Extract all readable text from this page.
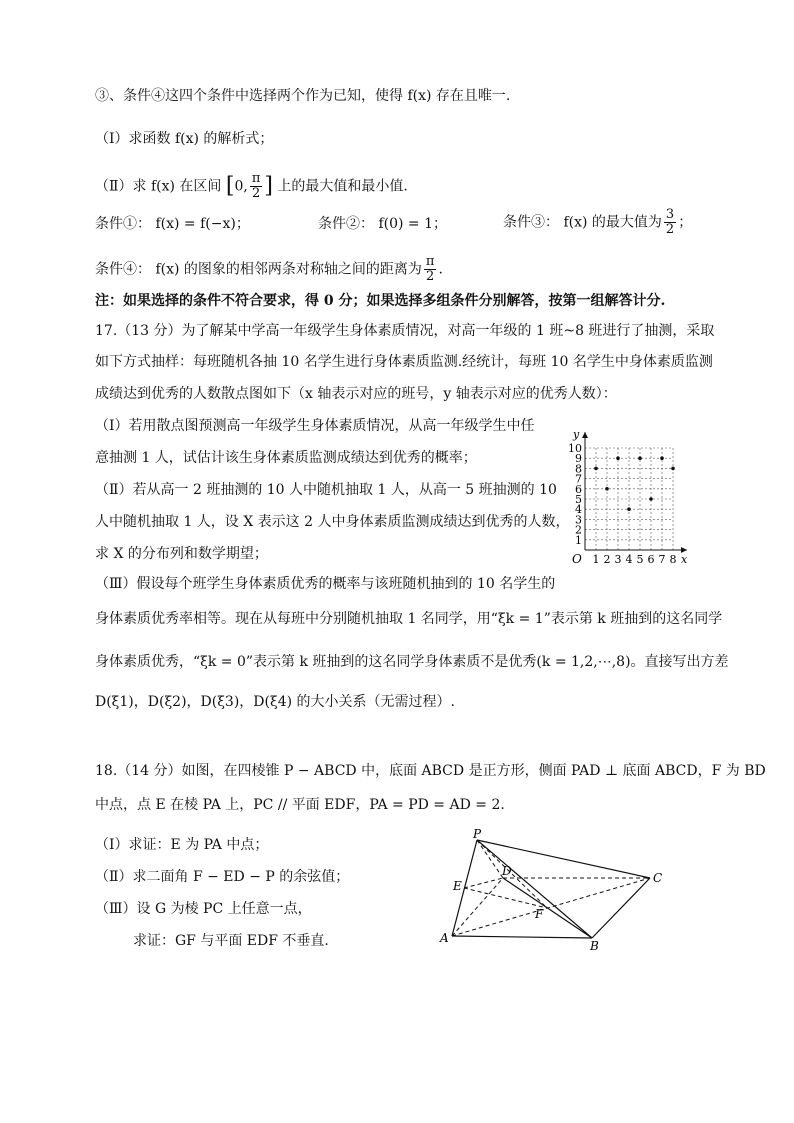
③、条件④这四个条件中选择两个作为已知，使得 f(x) 存在且唯一.
（Ⅰ）求函数 f(x) 的解析式；
（Ⅱ）求 f(x) 在区间 [0, $\frac{\pi}{2}$ ] 上的最大值和最小值.
条件①： f(x) = f(−x)；	条件②： f(0) = 1；	条件③： f(x) 的最大值为 $\frac{3}{2}$ ；
条件④： f(x) 的图象的相邻两条对称轴之间的距离为 $\frac{\pi}{2}$ .
注：如果选择的条件不符合要求，得 0 分；如果选择多组条件分别解答，按第一组解答计分.
17.（13 分）为了解某中学高一年级学生身体素质情况，对高一年级的 1 班~8 班进行了抽测，采取
如下方式抽样：每班随机各抽 10 名学生进行身体素质监测.经统计，每班 10 名学生中身体素质监测
成绩达到优秀的人数散点图如下（x 轴表示对应的班号，y 轴表示对应的优秀人数）：
（Ⅰ）若用散点图预测高一年级学生身体素质情况，从高一年级学生中任
意抽测 1 人，试估计该生身体素质监测成绩达到优秀的概率；
（Ⅱ）若从高一 2 班抽测的 10 人中随机抽取 1 人，从高一 5 班抽测的 10
人中随机抽取 1 人，设 X 表示这 2 人中身体素质监测成绩达到优秀的人数，
求 X 的分布列和数学期望；
（Ⅲ）假设每个班学生身体素质优秀的概率与该班随机抽到的 10 名学生的
身体素质优秀率相等。现在从每班中分别随机抽取 1 名同学，用“ξk = 1”表示第 k 班抽到的这名同学
身体素质优秀，“ξk = 0”表示第 k 班抽到的这名同学身体素质不是优秀(k = 1,2,⋯,8)。直接写出方差
D(ξ1)，D(ξ2)，D(ξ3)，D(ξ4) 的大小关系（无需过程）.
x
y
O 1 2 3 4 5 6 7 8
1
2
3
4
5
6
7
8
9
10
18.（14 分）如图，在四棱锥 P − ABCD 中，底面 ABCD 是正方形，侧面 PAD ⊥ 底面 ABCD，F 为 BD
中点，点 E 在棱 PA 上，PC // 平面 EDF，PA = PD = AD = 2.
（Ⅰ）求证：E 为 PA 中点；
（Ⅱ）求二面角 F − ED − P 的余弦值；
（Ⅲ）设 G 为棱 PC 上任意一点，
求证：GF 与平面 EDF 不垂直.
P
E
D	C
F
A
B
